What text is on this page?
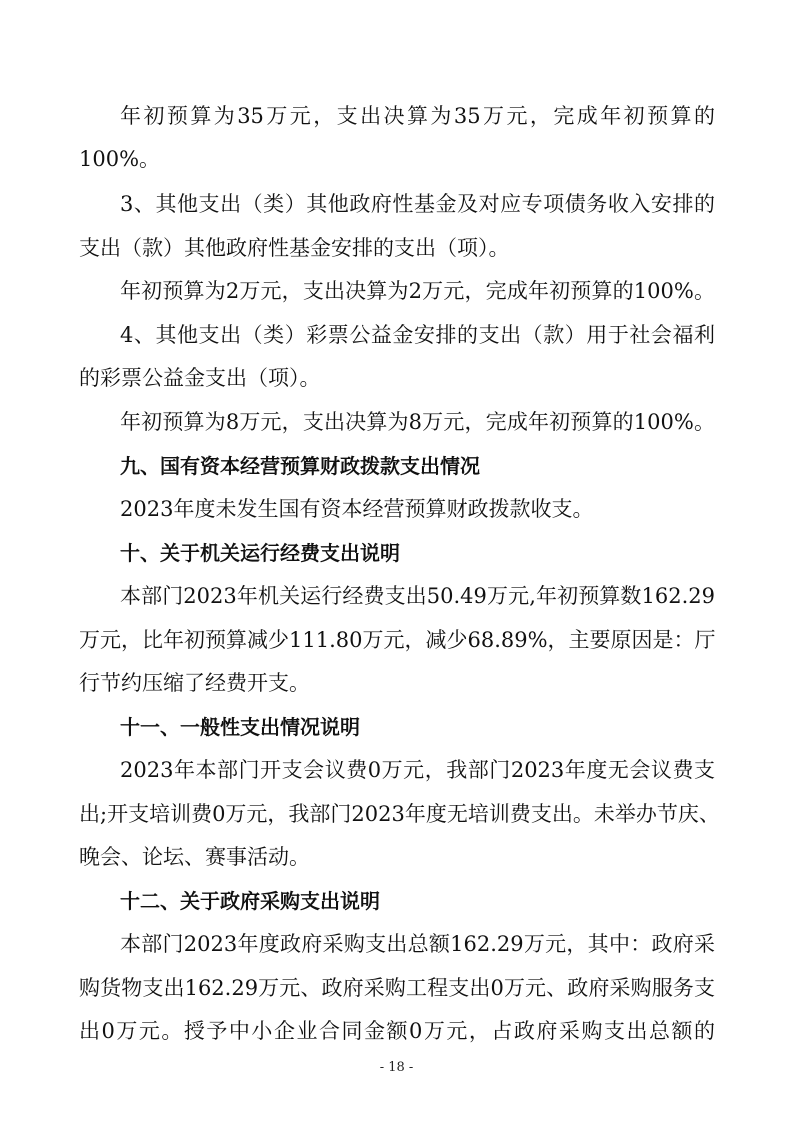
年初预算为35万元，支出决算为35万元，完成年初预算的
100%。
3、其他支出（类）其他政府性基金及对应专项债务收入安排的
支出（款）其他政府性基金安排的支出（项）。
年初预算为2万元，支出决算为2万元，完成年初预算的100%。
4、其他支出（类）彩票公益金安排的支出（款）用于社会福利
的彩票公益金支出（项）。
年初预算为8万元，支出决算为8万元，完成年初预算的100%。
九、国有资本经营预算财政拨款支出情况
2023年度未发生国有资本经营预算财政拨款收支。
十、关于机关运行经费支出说明
本部门2023年机关运行经费支出50.49万元,年初预算数162.29
万元，比年初预算减少111.80万元，减少68.89%，主要原因是：厅
行节约压缩了经费开支。
十一、一般性支出情况说明
2023年本部门开支会议费0万元，我部门2023年度无会议费支
出;开支培训费0万元，我部门2023年度无培训费支出。未举办节庆、
晚会、论坛、赛事活动。
十二、关于政府采购支出说明
本部门2023年度政府采购支出总额162.29万元，其中：政府采
购货物支出162.29万元、政府采购工程支出0万元、政府采购服务支
出0万元。授予中小企业合同金额0万元，占政府采购支出总额的
- 18 -
